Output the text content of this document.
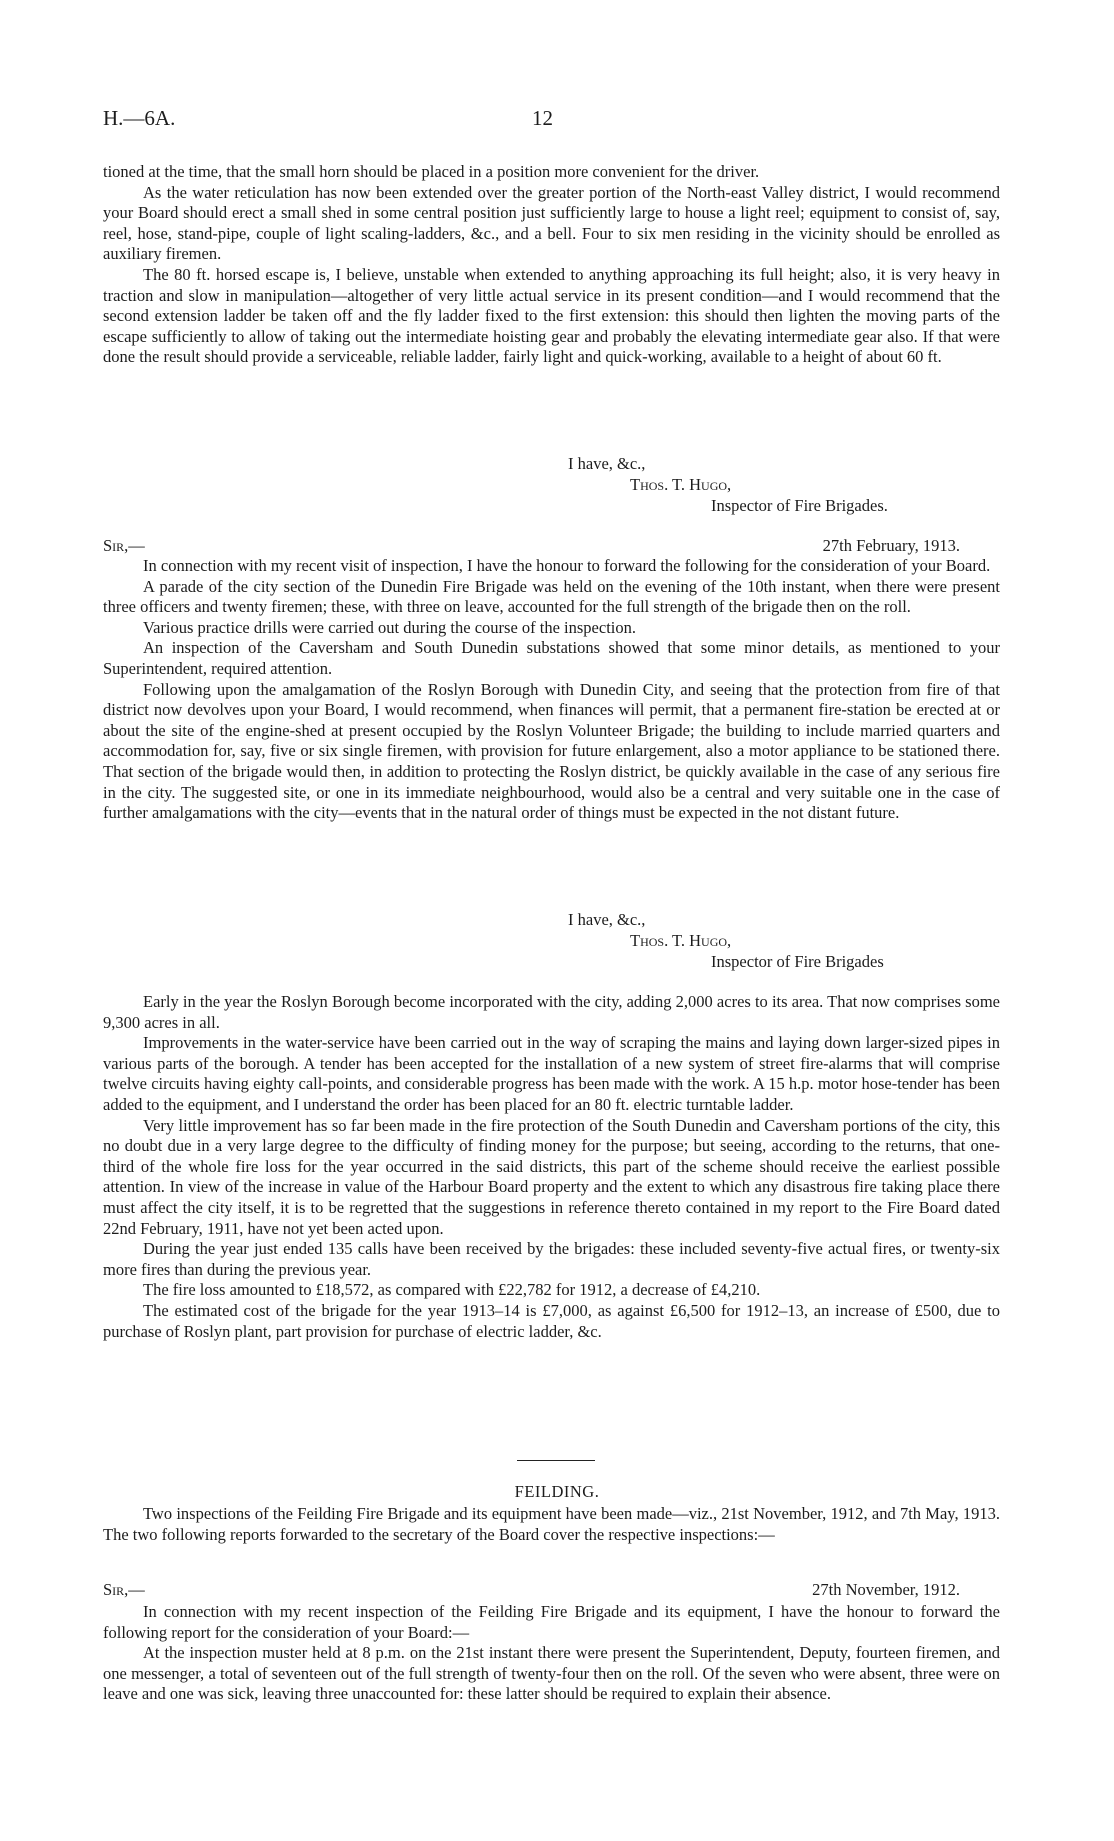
H.—6A.	12

tioned at the time, that the small horn should be placed in a position more convenient for the driver.

As the water reticulation has now been extended over the greater portion of the North-east Valley district, I would recommend your Board should erect a small shed in some central position just sufficiently large to house a light reel; equipment to consist of, say, reel, hose, stand-pipe, couple of light scaling-ladders, &c., and a bell. Four to six men residing in the vicinity should be enrolled as auxiliary firemen.

The 80 ft. horsed escape is, I believe, unstable when extended to anything approaching its full height; also, it is very heavy in traction and slow in manipulation—altogether of very little actual service in its present condition—and I would recommend that the second extension ladder be taken off and the fly ladder fixed to the first extension: this should then lighten the moving parts of the escape sufficiently to allow of taking out the intermediate hoisting gear and probably the elevating intermediate gear also. If that were done the result should provide a serviceable, reliable ladder, fairly light and quick-working, available to a height of about 60 ft.

I have, &c.,
Thos. T. Hugo,
Inspector of Fire Brigades.
Sir,—	27th February, 1913.

In connection with my recent visit of inspection, I have the honour to forward the following for the consideration of your Board.

A parade of the city section of the Dunedin Fire Brigade was held on the evening of the 10th instant, when there were present three officers and twenty firemen; these, with three on leave, accounted for the full strength of the brigade then on the roll.

Various practice drills were carried out during the course of the inspection.

An inspection of the Caversham and South Dunedin substations showed that some minor details, as mentioned to your Superintendent, required attention.

Following upon the amalgamation of the Roslyn Borough with Dunedin City, and seeing that the protection from fire of that district now devolves upon your Board, I would recommend, when finances will permit, that a permanent fire-station be erected at or about the site of the engine-shed at present occupied by the Roslyn Volunteer Brigade; the building to include married quarters and accommodation for, say, five or six single firemen, with provision for future enlargement, also a motor appliance to be stationed there. That section of the brigade would then, in addition to protecting the Roslyn district, be quickly available in the case of any serious fire in the city. The suggested site, or one in its immediate neighbourhood, would also be a central and very suitable one in the case of further amalgamations with the city—events that in the natural order of things must be expected in the not distant future.

I have, &c.,
Thos. T. Hugo,
Inspector of Fire Brigades

Early in the year the Roslyn Borough become incorporated with the city, adding 2,000 acres to its area. That now comprises some 9,300 acres in all.

Improvements in the water-service have been carried out in the way of scraping the mains and laying down larger-sized pipes in various parts of the borough. A tender has been accepted for the installation of a new system of street fire-alarms that will comprise twelve circuits having eighty call-points, and considerable progress has been made with the work. A 15 h.p. motor hose-tender has been added to the equipment, and I understand the order has been placed for an 80 ft. electric turntable ladder.

Very little improvement has so far been made in the fire protection of the South Dunedin and Caversham portions of the city, this no doubt due in a very large degree to the difficulty of finding money for the purpose; but seeing, according to the returns, that one-third of the whole fire loss for the year occurred in the said districts, this part of the scheme should receive the earliest possible attention. In view of the increase in value of the Harbour Board property and the extent to which any disastrous fire taking place there must affect the city itself, it is to be regretted that the suggestions in reference thereto contained in my report to the Fire Board dated 22nd February, 1911, have not yet been acted upon.

During the year just ended 135 calls have been received by the brigades: these included seventy-five actual fires, or twenty-six more fires than during the previous year.

The fire loss amounted to £18,572, as compared with £22,782 for 1912, a decrease of £4,210.

The estimated cost of the brigade for the year 1913–14 is £7,000, as against £6,500 for 1912–13, an increase of £500, due to purchase of Roslyn plant, part provision for purchase of electric ladder, &c.

FEILDING.

Two inspections of the Feilding Fire Brigade and its equipment have been made—viz., 21st November, 1912, and 7th May, 1913. The two following reports forwarded to the secretary of the Board cover the respective inspections:—

Sir,—	27th November, 1912.

In connection with my recent inspection of the Feilding Fire Brigade and its equipment, I have the honour to forward the following report for the consideration of your Board:—

At the inspection muster held at 8 p.m. on the 21st instant there were present the Superintendent, Deputy, fourteen firemen, and one messenger, a total of seventeen out of the full strength of twenty-four then on the roll. Of the seven who were absent, three were on leave and one was sick, leaving three unaccounted for: these latter should be required to explain their absence.
